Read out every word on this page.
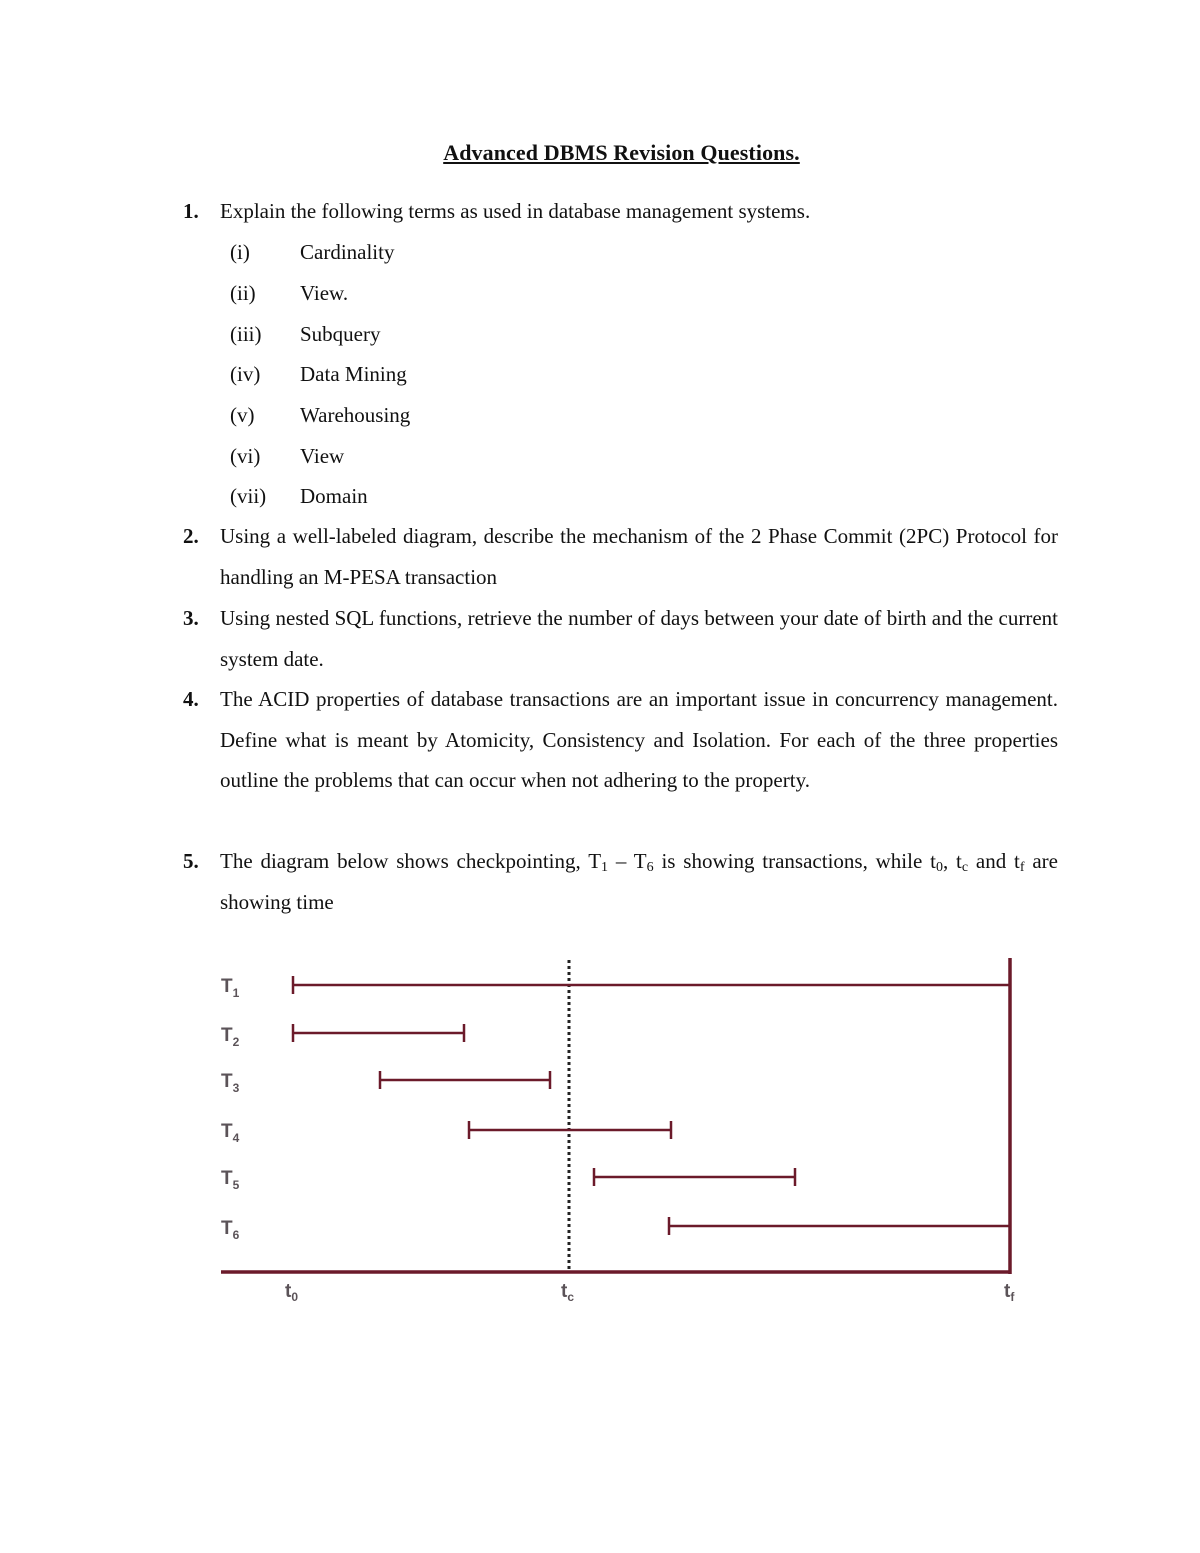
Advanced DBMS Revision Questions.
1. Explain the following terms as used in database management systems.
(i) Cardinality
(ii) View.
(iii) Subquery
(iv) Data Mining
(v) Warehousing
(vi) View
(vii) Domain
2. Using a well-labeled diagram, describe the mechanism of the 2 Phase Commit (2PC) Protocol for handling an M-PESA transaction
3. Using nested SQL functions, retrieve the number of days between your date of birth and the current system date.
4. The ACID properties of database transactions are an important issue in concurrency management. Define what is meant by Atomicity, Consistency and Isolation. For each of the three properties outline the problems that can occur when not adhering to the property.
5. The diagram below shows checkpointing, $T_1 - T_6$ is showing transactions, while $t_0$, $t_c$ and $t_f$ are showing time
$T_1$
$T_2$
$T_3$
$T_4$
$T_5$
$T_6$
$t_0$	$t_c$	$t_f$
